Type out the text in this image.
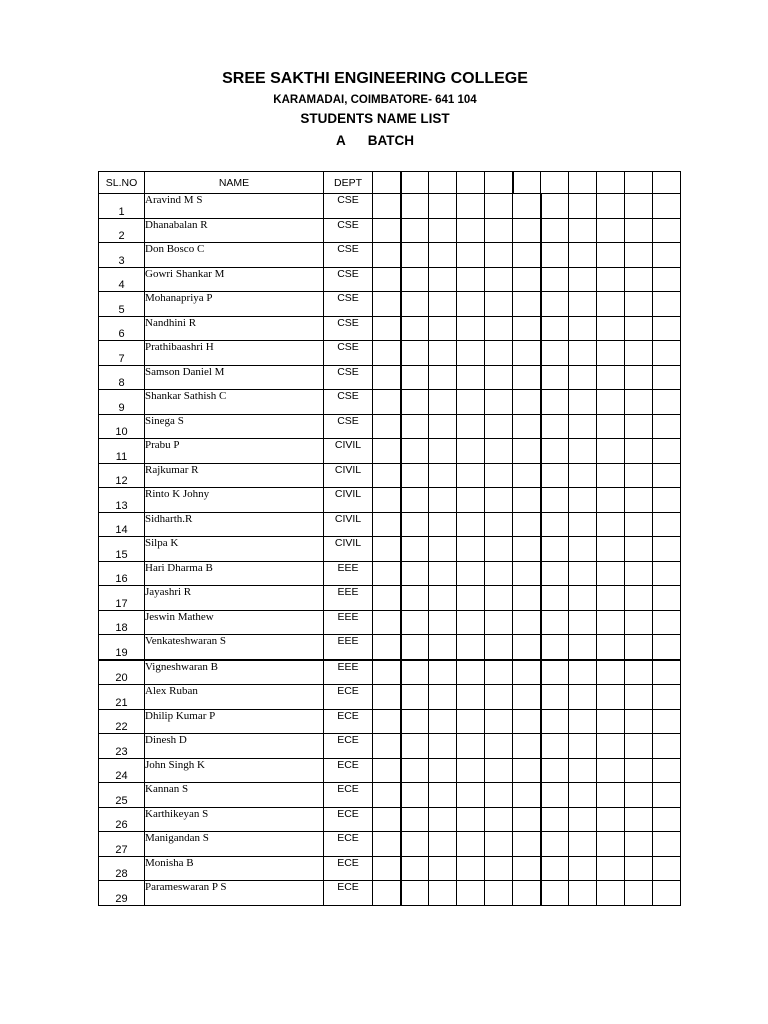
SREE SAKTHI ENGINEERING COLLEGE
KARAMADAI, COIMBATORE- 641 104
STUDENTS NAME LIST
A BATCH
SL.NO	NAME	DEPT											
1	Aravind M S	CSE											
2	Dhanabalan R	CSE											
3	Don Bosco C	CSE											
4	Gowri Shankar M	CSE											
5	Mohanapriya P	CSE											
6	Nandhini R	CSE											
7	Prathibaashri H	CSE											
8	Samson Daniel M	CSE											
9	Shankar Sathish C	CSE											
10	Sinega S	CSE											
11	Prabu P	CIVIL											
12	Rajkumar R	CIVIL											
13	Rinto K Johny	CIVIL											
14	Sidharth.R	CIVIL											
15	Silpa K	CIVIL											
16	Hari Dharma B	EEE											
17	Jayashri R	EEE											
18	Jeswin Mathew	EEE											
19	Venkateshwaran S	EEE											
20	Vigneshwaran B	EEE											
21	Alex Ruban	ECE											
22	Dhilip Kumar P	ECE											
23	Dinesh D	ECE											
24	John Singh K	ECE											
25	Kannan S	ECE											
26	Karthikeyan S	ECE											
27	Manigandan S	ECE											
28	Monisha B	ECE											
29	Parameswaran P S	ECE											
